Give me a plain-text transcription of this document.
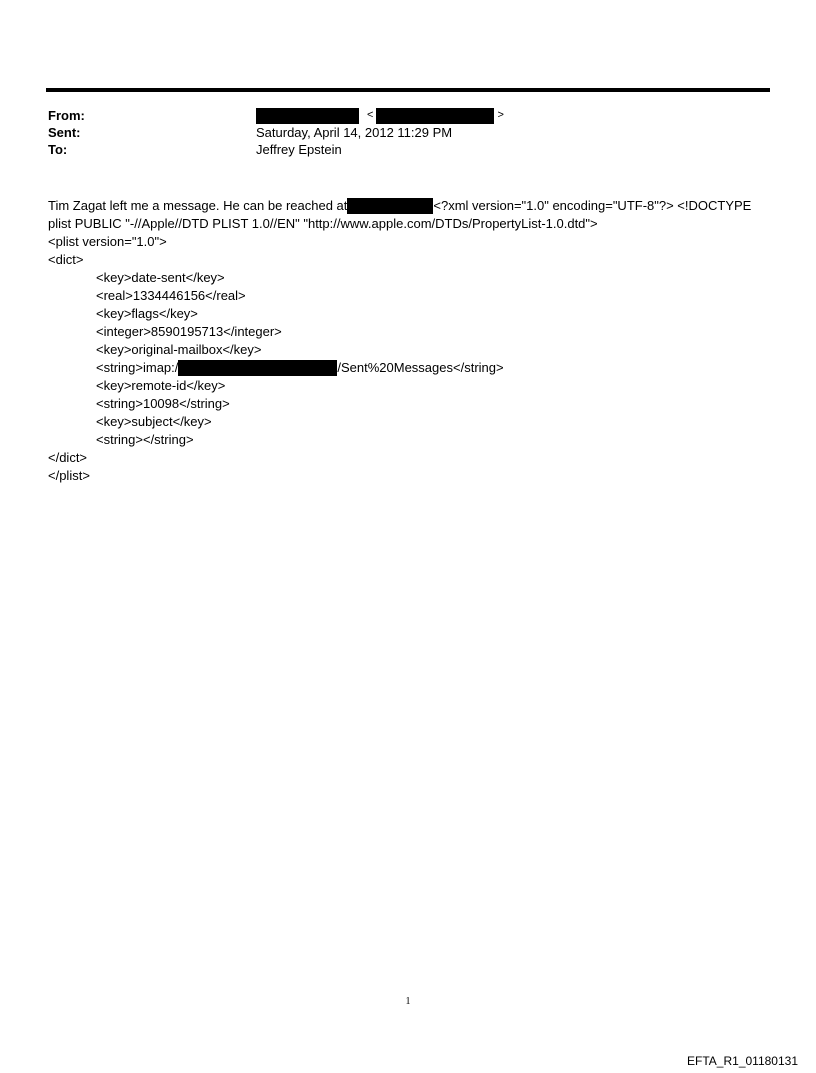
From:	<	>
Sent:	Saturday, April 14, 2012 11:29 PM
To:	Jeffrey Epstein
Tim Zagat left me a message. He can be reached at	<?xml version="1.0" encoding="UTF-8"?> <!DOCTYPE
plist PUBLIC "-//Apple//DTD PLIST 1.0//EN" "http://www.apple.com/DTDs/PropertyList-1.0.dtd">
<plist version="1.0">
<dict>
<key>date-sent</key>
<real>1334446156</real>
<key>flags</key>
<integer>8590195713</integer>
<key>original-mailbox</key>
<string>imap:/	/Sent%20Messages</string>
<key>remote-id</key>
<string>10098</string>
<key>subject</key>
<string></string>
</dict>
</plist>
1
EFTA_R1_01180131
